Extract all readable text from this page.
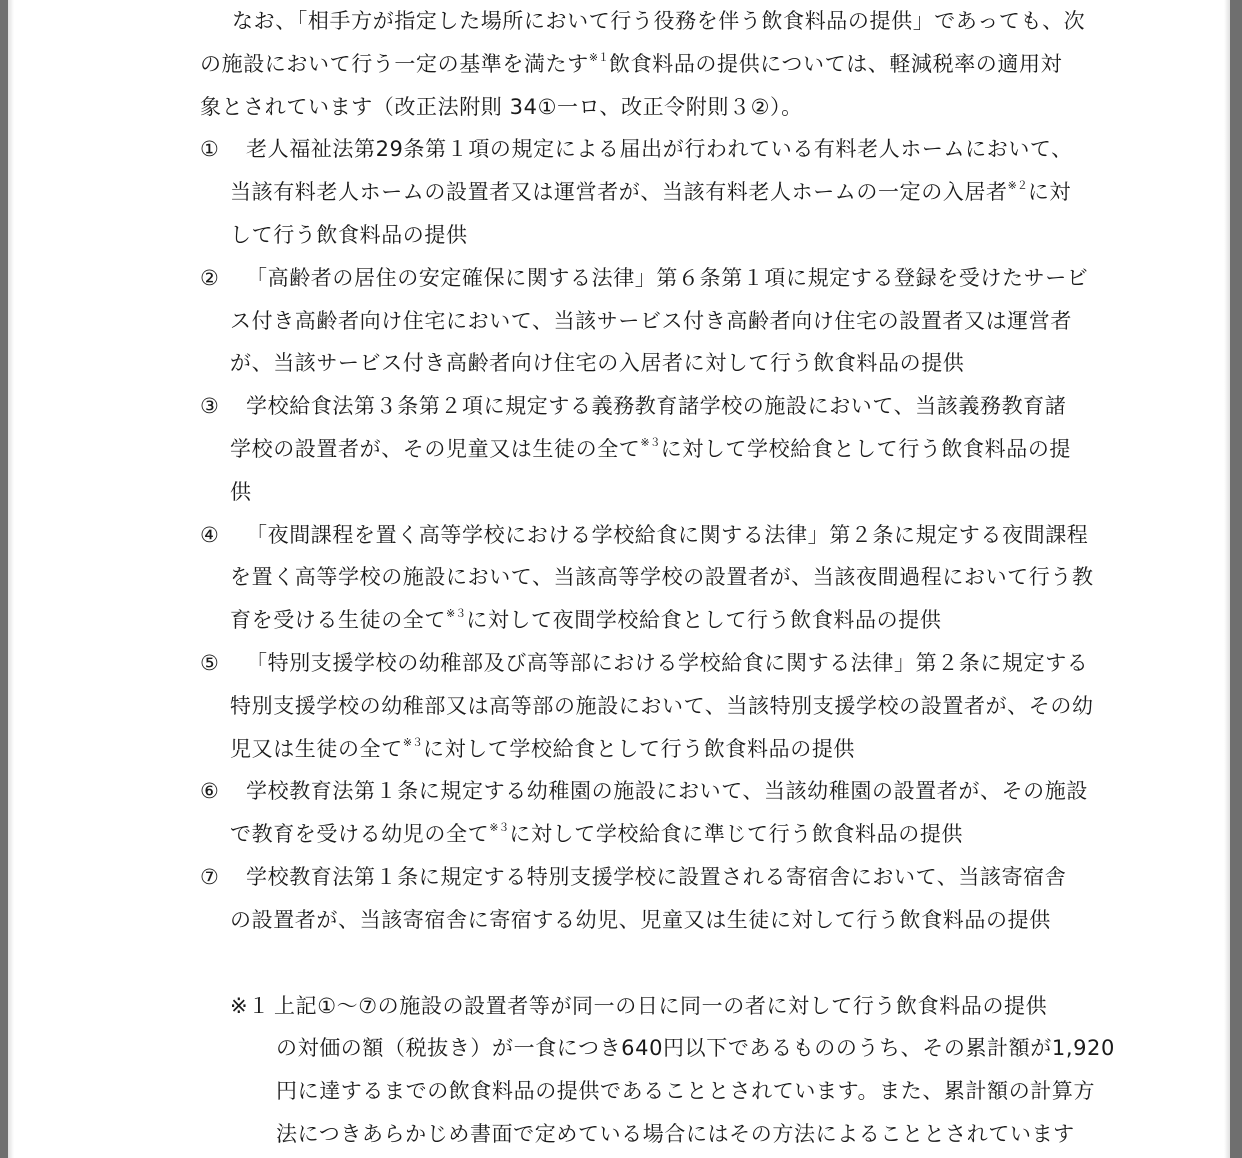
なお、「相手方が指定した場所において行う役務を伴う飲食料品の提供」であっても、次
の施設において行う一定の基準を満たす$^{※1}$飲食料品の提供については、軽減税率の適用対
象とされています（改正法附則 34①一ロ、改正令附則３②）。
① 老人福祉法第29条第１項の規定による届出が行われている有料老人ホームにおいて、
当該有料老人ホームの設置者又は運営者が、当該有料老人ホームの一定の入居者$^{※2}$に対
して行う飲食料品の提供
② 「高齢者の居住の安定確保に関する法律」第６条第１項に規定する登録を受けたサービ
ス付き高齢者向け住宅において、当該サービス付き高齢者向け住宅の設置者又は運営者
が、当該サービス付き高齢者向け住宅の入居者に対して行う飲食料品の提供
③ 学校給食法第３条第２項に規定する義務教育諸学校の施設において、当該義務教育諸
学校の設置者が、その児童又は生徒の全て$^{※3}$に対して学校給食として行う飲食料品の提
供
④ 「夜間課程を置く高等学校における学校給食に関する法律」第２条に規定する夜間課程
を置く高等学校の施設において、当該高等学校の設置者が、当該夜間過程において行う教
育を受ける生徒の全て$^{※3}$に対して夜間学校給食として行う飲食料品の提供
⑤ 「特別支援学校の幼稚部及び高等部における学校給食に関する法律」第２条に規定する
特別支援学校の幼稚部又は高等部の施設において、当該特別支援学校の設置者が、その幼
児又は生徒の全て$^{※3}$に対して学校給食として行う飲食料品の提供
⑥ 学校教育法第１条に規定する幼稚園の施設において、当該幼稚園の設置者が、その施設
で教育を受ける幼児の全て$^{※3}$に対して学校給食に準じて行う飲食料品の提供
⑦ 学校教育法第１条に規定する特別支援学校に設置される寄宿舎において、当該寄宿舎
の設置者が、当該寄宿舎に寄宿する幼児、児童又は生徒に対して行う飲食料品の提供
※１ 上記①～⑦の施設の設置者等が同一の日に同一の者に対して行う飲食料品の提供
の対価の額（税抜き）が一食につき640円以下であるもののうち、その累計額が1,920
円に達するまでの飲食料品の提供であることとされています。また、累計額の計算方
法につきあらかじめ書面で定めている場合にはその方法によることとされています
